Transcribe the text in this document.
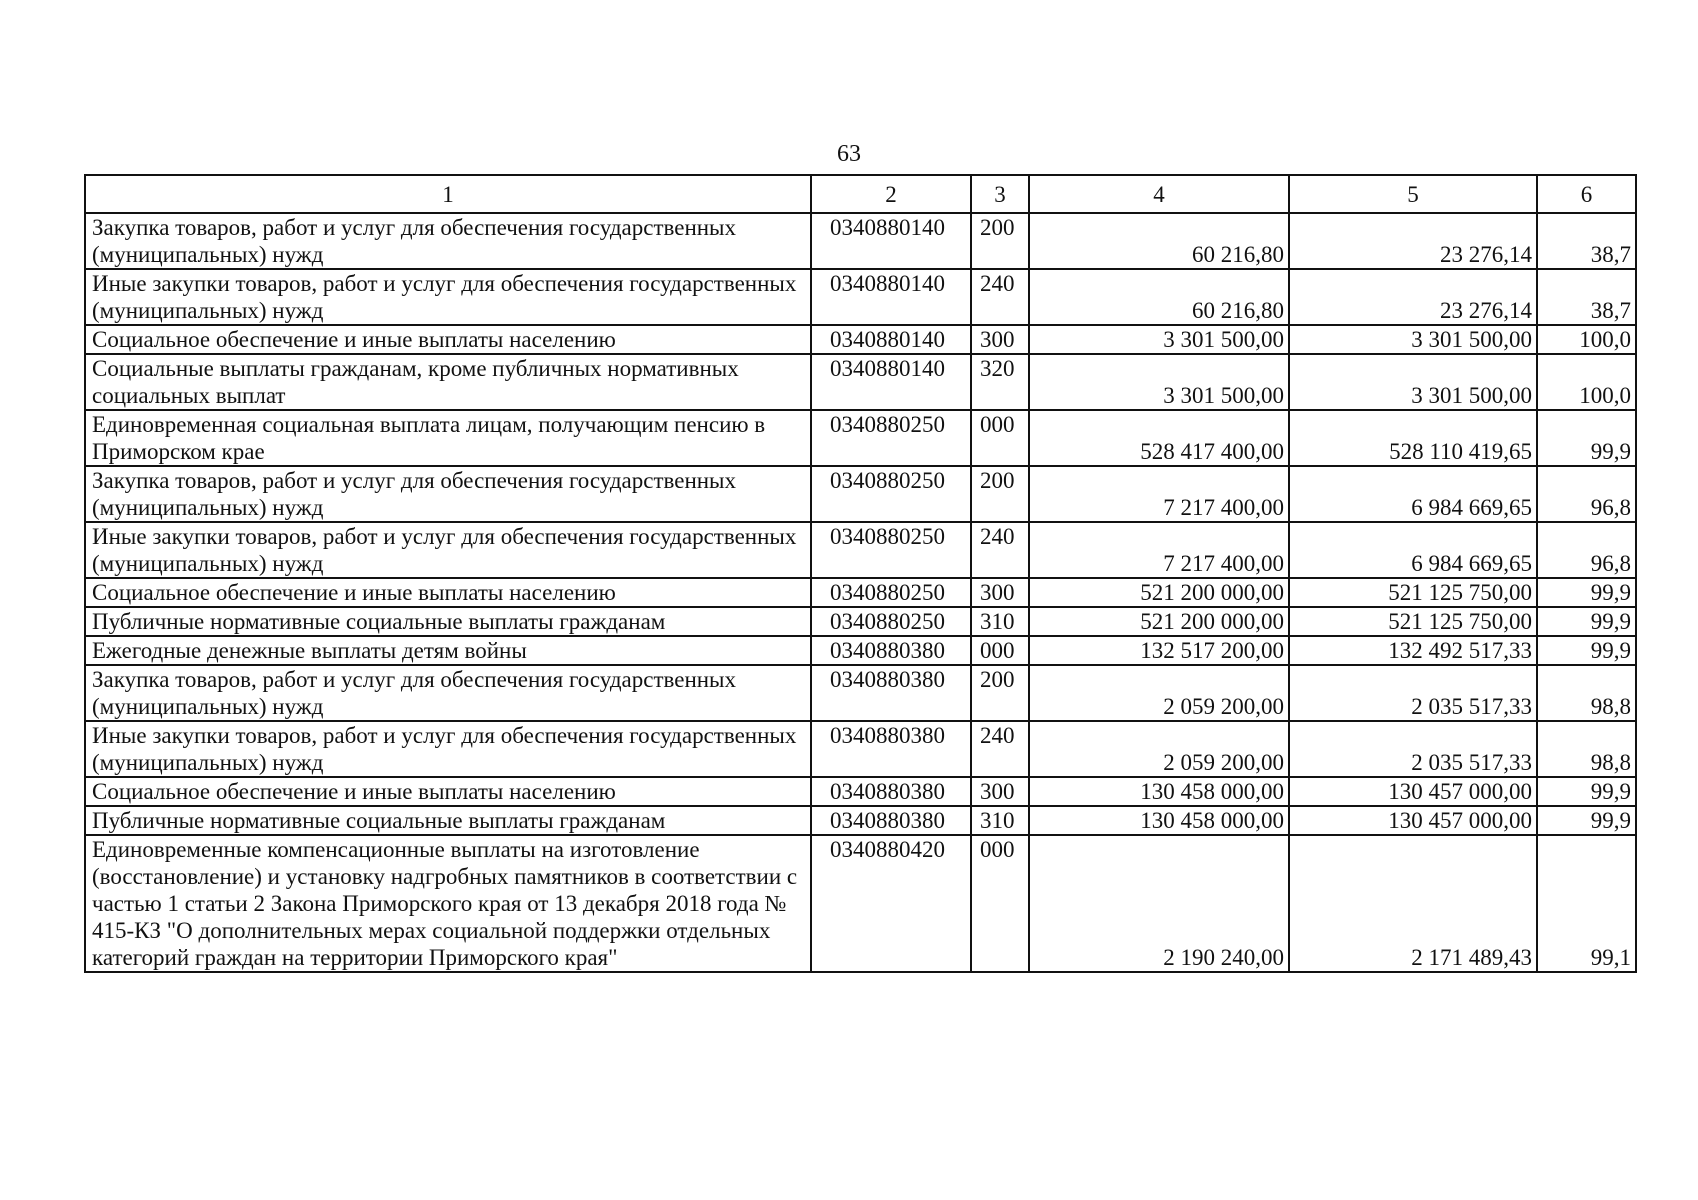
63
1	2	3	4	5	6
Закупка товаров, работ и услуг для обеспечения государственных (муниципальных) нужд	0340880140	200	60 216,80	23 276,14	38,7
Иные закупки товаров, работ и услуг для обеспечения государственных (муниципальных) нужд	0340880140	240	60 216,80	23 276,14	38,7
Социальное обеспечение и иные выплаты населению	0340880140	300	3 301 500,00	3 301 500,00	100,0
Социальные выплаты гражданам, кроме публичных нормативных социальных выплат	0340880140	320	3 301 500,00	3 301 500,00	100,0
Единовременная социальная выплата лицам, получающим пенсию в Приморском крае	0340880250	000	528 417 400,00	528 110 419,65	99,9
Закупка товаров, работ и услуг для обеспечения государственных (муниципальных) нужд	0340880250	200	7 217 400,00	6 984 669,65	96,8
Иные закупки товаров, работ и услуг для обеспечения государственных (муниципальных) нужд	0340880250	240	7 217 400,00	6 984 669,65	96,8
Социальное обеспечение и иные выплаты населению	0340880250	300	521 200 000,00	521 125 750,00	99,9
Публичные нормативные социальные выплаты гражданам	0340880250	310	521 200 000,00	521 125 750,00	99,9
Ежегодные денежные выплаты детям войны	0340880380	000	132 517 200,00	132 492 517,33	99,9
Закупка товаров, работ и услуг для обеспечения государственных (муниципальных) нужд	0340880380	200	2 059 200,00	2 035 517,33	98,8
Иные закупки товаров, работ и услуг для обеспечения государственных (муниципальных) нужд	0340880380	240	2 059 200,00	2 035 517,33	98,8
Социальное обеспечение и иные выплаты населению	0340880380	300	130 458 000,00	130 457 000,00	99,9
Публичные нормативные социальные выплаты гражданам	0340880380	310	130 458 000,00	130 457 000,00	99,9
Единовременные компенсационные выплаты на изготовление (восстановление) и установку надгробных памятников в соответствии с частью 1 статьи 2 Закона Приморского края от 13 декабря 2018 года № 415-КЗ "О дополнительных мерах социальной поддержки отдельных категорий граждан на территории Приморского края"	0340880420	000	2 190 240,00	2 171 489,43	99,1
